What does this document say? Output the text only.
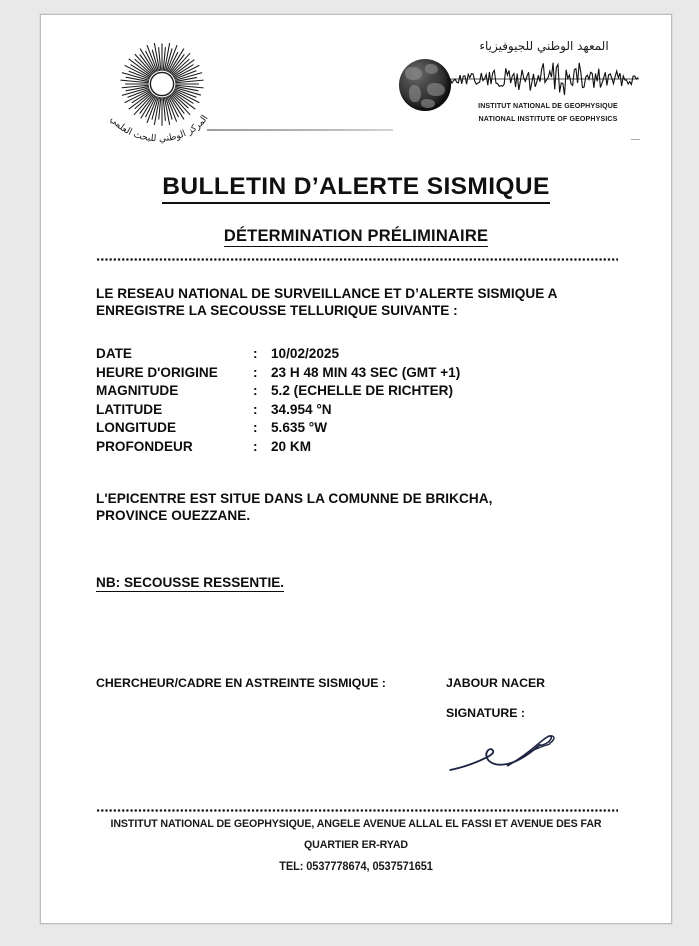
المركز الوطني للبحث العلمي
المعهد الوطني للجيوفيزياء
INSTITUT NATIONAL DE GEOPHYSIQUE
NATIONAL INSTITUTE OF GEOPHYSICS
BULLETIN D’ALERTE SISMIQUE
DÉTERMINATION PRÉLIMINAIRE
LE RESEAU NATIONAL DE SURVEILLANCE ET D’ALERTE SISMIQUE A
ENREGISTRE LA SECOUSSE TELLURIQUE SUIVANTE :
DATE	: 10/02/2025
HEURE D'ORIGINE	: 23 H 48 MIN 43 SEC (GMT +1)
MAGNITUDE	: 5.2 (ECHELLE DE RICHTER)
LATITUDE	: 34.954 °N
LONGITUDE	: 5.635 °W
PROFONDEUR	: 20 KM
L'EPICENTRE EST SITUE DANS LA COMUNNE DE BRIKCHA,
PROVINCE OUEZZANE.
NB: SECOUSSE RESSENTIE.
CHERCHEUR/CADRE EN ASTREINTE SISMIQUE :	JABOUR NACER
SIGNATURE :
INSTITUT NATIONAL DE GEOPHYSIQUE, ANGELE AVENUE ALLAL EL FASSI ET AVENUE DES FAR
QUARTIER ER-RYAD
TEL: 0537778674, 0537571651
